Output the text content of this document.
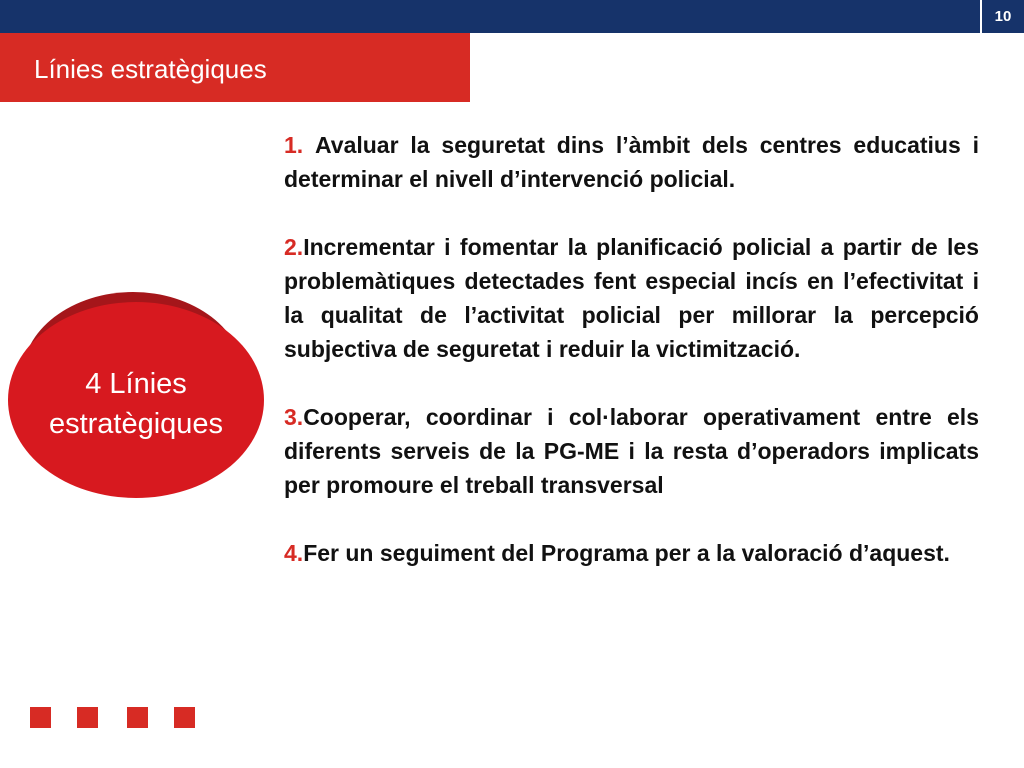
10
Línies estratègiques
4 Línies
estratègiques

1. Avaluar la seguretat dins l’àmbit dels centres educatius i determinar el nivell d’intervenció policial.

2.Incrementar i fomentar la planificació policial a partir de les problemàtiques detectades fent especial incís en l’efectivitat i la qualitat de l’activitat policial per millorar la percepció subjectiva de seguretat i reduir la victimització.

3.Cooperar, coordinar i col·laborar operativament entre els diferents serveis de la PG-ME i la resta d’operadors implicats per promoure el treball transversal

4.Fer un seguiment del Programa per a la valoració d’aquest.
